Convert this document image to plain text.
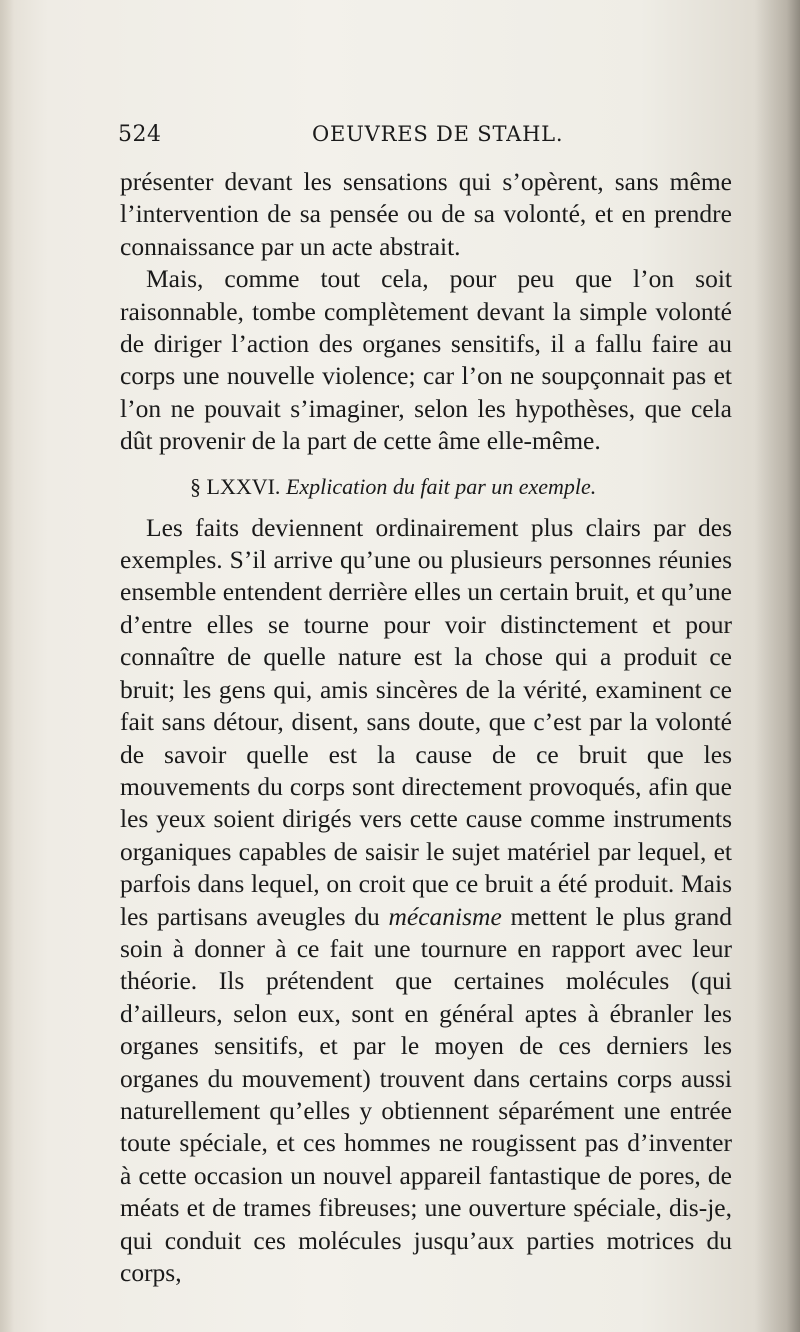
524	OEUVRES DE STAHL.

présenter devant les sensations qui s’opèrent, sans même l’intervention de sa pensée ou de sa volonté, et en prendre connaissance par un acte abstrait.

Mais, comme tout cela, pour peu que l’on soit raisonnable, tombe complètement devant la simple volonté de diriger l’action des organes sensitifs, il a fallu faire au corps une nouvelle violence; car l’on ne soupçonnait pas et l’on ne pouvait s’imaginer, selon les hypothèses, que cela dût provenir de la part de cette âme elle-même.

§ LXXVI. Explication du fait par un exemple.

Les faits deviennent ordinairement plus clairs par des exemples. S’il arrive qu’une ou plusieurs personnes réunies ensemble entendent derrière elles un certain bruit, et qu’une d’entre elles se tourne pour voir distinctement et pour connaître de quelle nature est la chose qui a produit ce bruit; les gens qui, amis sincères de la vérité, examinent ce fait sans détour, disent, sans doute, que c’est par la volonté de savoir quelle est la cause de ce bruit que les mouvements du corps sont directement provoqués, afin que les yeux soient dirigés vers cette cause comme instruments organiques capables de saisir le sujet matériel par lequel, et parfois dans lequel, on croit que ce bruit a été produit. Mais les partisans aveugles du mécanisme mettent le plus grand soin à donner à ce fait une tournure en rapport avec leur théorie. Ils prétendent que certaines molécules (qui d’ailleurs, selon eux, sont en général aptes à ébranler les organes sensitifs, et par le moyen de ces derniers les organes du mouvement) trouvent dans certains corps aussi naturellement qu’elles y obtiennent séparément une entrée toute spéciale, et ces hommes ne rougissent pas d’inventer à cette occasion un nouvel appareil fantastique de pores, de méats et de trames fibreuses; une ouverture spéciale, dis-je, qui conduit ces molécules jusqu’aux parties motrices du corps,
